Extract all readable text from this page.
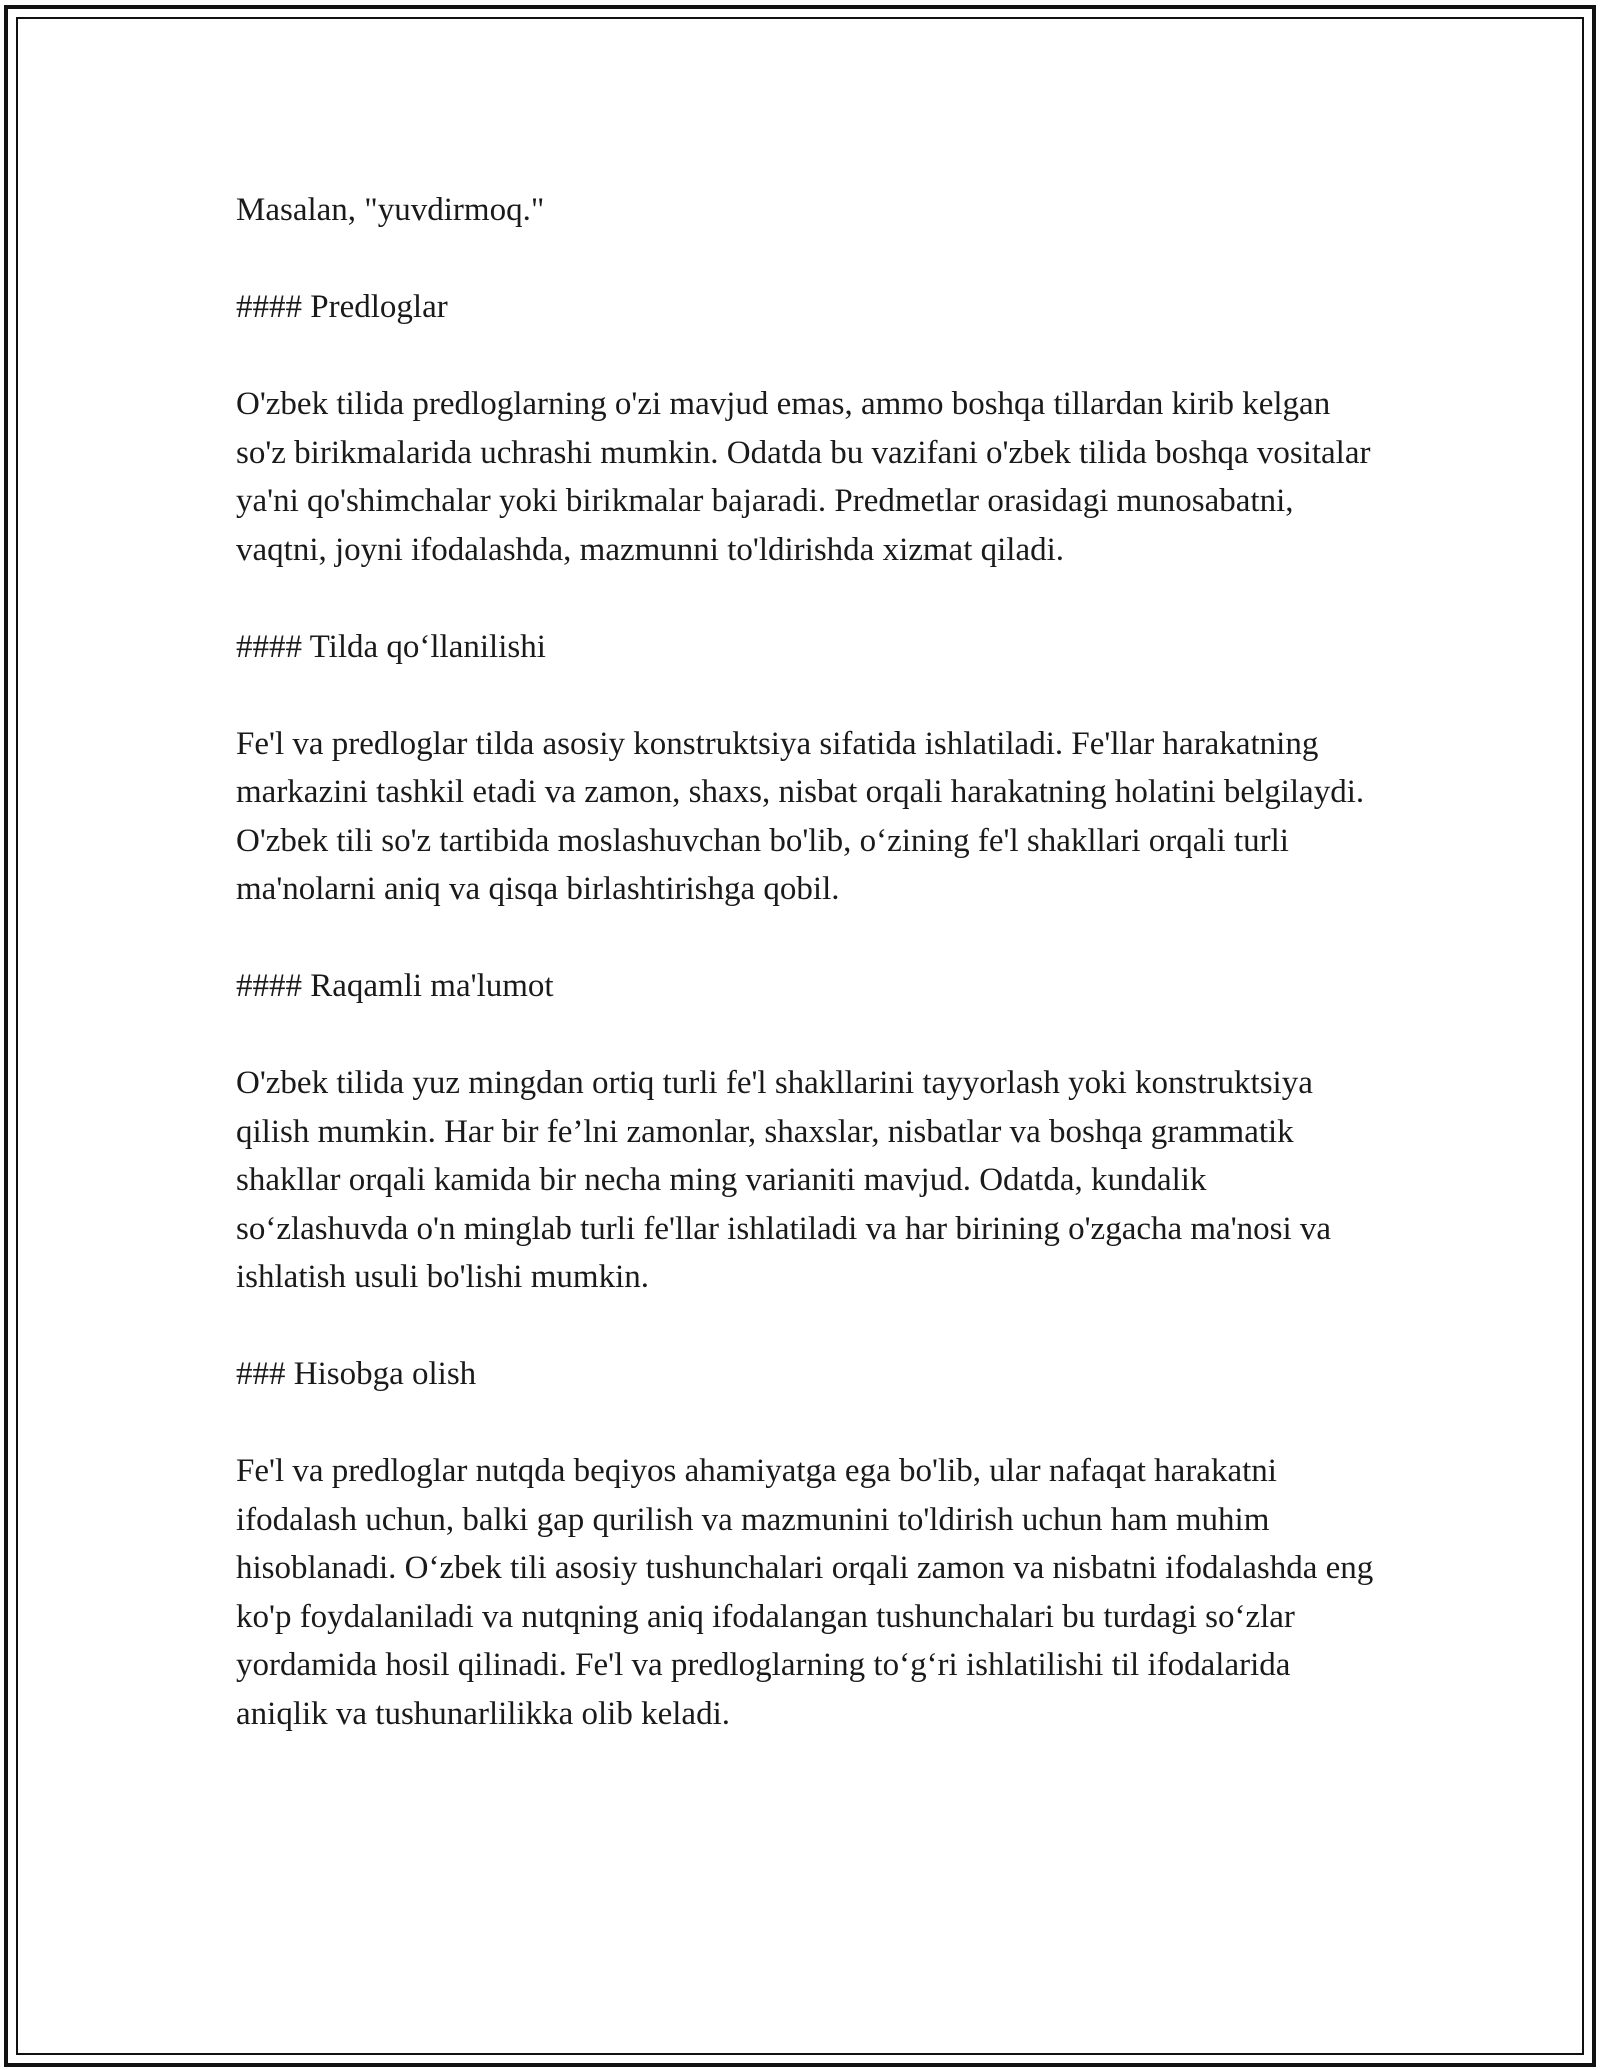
Masalan, "yuvdirmoq."

#### Predloglar

O'zbek tilida predloglarning o'zi mavjud emas, ammo boshqa tillardan kirib kelgan so'z birikmalarida uchrashi mumkin. Odatda bu vazifani o'zbek tilida boshqa vositalar ya'ni qo'shimchalar yoki birikmalar bajaradi. Predmetlar orasidagi munosabatni, vaqtni, joyni ifodalashda, mazmunni to'ldirishda xizmat qiladi.

#### Tilda qo‘llanilishi

Fe'l va predloglar tilda asosiy konstruktsiya sifatida ishlatiladi. Fe'llar harakatning markazini tashkil etadi va zamon, shaxs, nisbat orqali harakatning holatini belgilaydi. O'zbek tili so'z tartibida moslashuvchan bo'lib, o‘zining fe'l shakllari orqali turli ma'nolarni aniq va qisqa birlashtirishga qobil.

#### Raqamli ma'lumot

O'zbek tilida yuz mingdan ortiq turli fe'l shakllarini tayyorlash yoki konstruktsiya qilish mumkin. Har bir fe’lni zamonlar, shaxslar, nisbatlar va boshqa grammatik shakllar orqali kamida bir necha ming varianiti mavjud. Odatda, kundalik so‘zlashuvda o'n minglab turli fe'llar ishlatiladi va har birining o'zgacha ma'nosi va ishlatish usuli bo'lishi mumkin.

### Hisobga olish

Fe'l va predloglar nutqda beqiyos ahamiyatga ega bo'lib, ular nafaqat harakatni ifodalash uchun, balki gap qurilish va mazmunini to'ldirish uchun ham muhim hisoblanadi. O‘zbek tili asosiy tushunchalari orqali zamon va nisbatni ifodalashda eng ko'p foydalaniladi va nutqning aniq ifodalangan tushunchalari bu turdagi so‘zlar yordamida hosil qilinadi. Fe'l va predloglarning to‘g‘ri ishlatilishi til ifodalarida aniqlik va tushunarlilikka olib keladi.
